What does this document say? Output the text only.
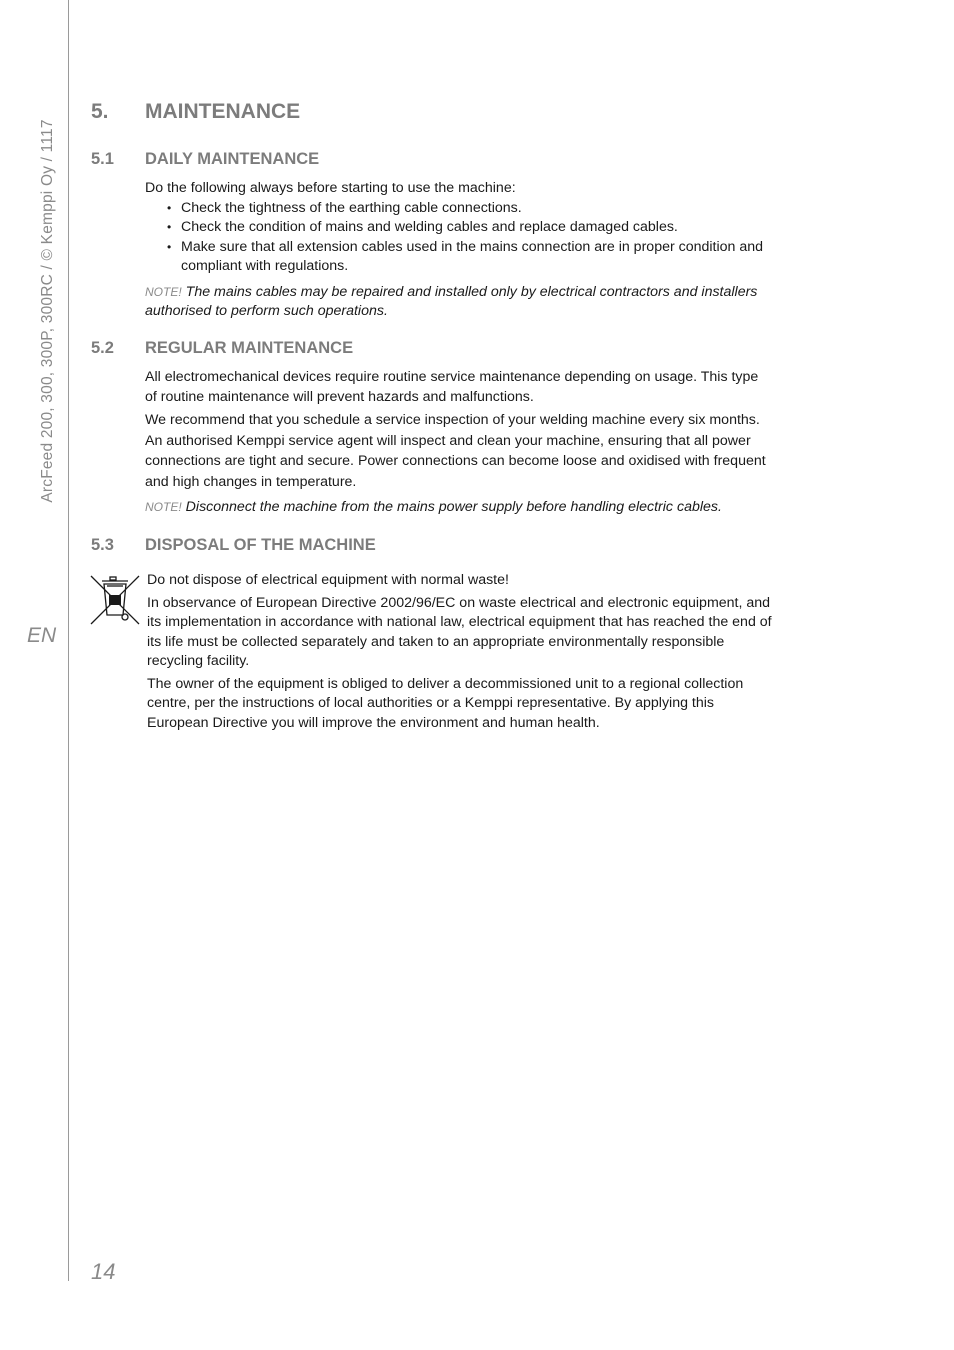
ArcFeed 200, 300, 300P, 300RC / © Kemppi Oy / 1117
EN
14
5. MAINTENANCE
5.1 DAILY MAINTENANCE

Do the following always before starting to use the machine:

• Check the tightness of the earthing cable connections.
• Check the condition of mains and welding cables and replace damaged cables.
• Make sure that all extension cables used in the mains connection are in proper condition and compliant with regulations.

NOTE! The mains cables may be repaired and installed only by electrical contractors and installers authorised to perform such operations.

5.2 REGULAR MAINTENANCE

All electromechanical devices require routine service maintenance depending on usage. This type of routine maintenance will prevent hazards and malfunctions.

We recommend that you schedule a service inspection of your welding machine every six months. An authorised Kemppi service agent will inspect and clean your machine, ensuring that all power connections are tight and secure. Power connections can become loose and oxidised with frequent and high changes in temperature.

NOTE! Disconnect the machine from the mains power supply before handling electric cables.

5.3 DISPOSAL OF THE MACHINE

Do not dispose of electrical equipment with normal waste!

In observance of European Directive 2002/96/EC on waste electrical and electronic equipment, and its implementation in accordance with national law, electrical equipment that has reached the end of its life must be collected separately and taken to an appropriate environmentally responsible recycling facility.

The owner of the equipment is obliged to deliver a decommissioned unit to a regional collection centre, per the instructions of local authorities or a Kemppi representative. By applying this European Directive you will improve the environment and human health.
